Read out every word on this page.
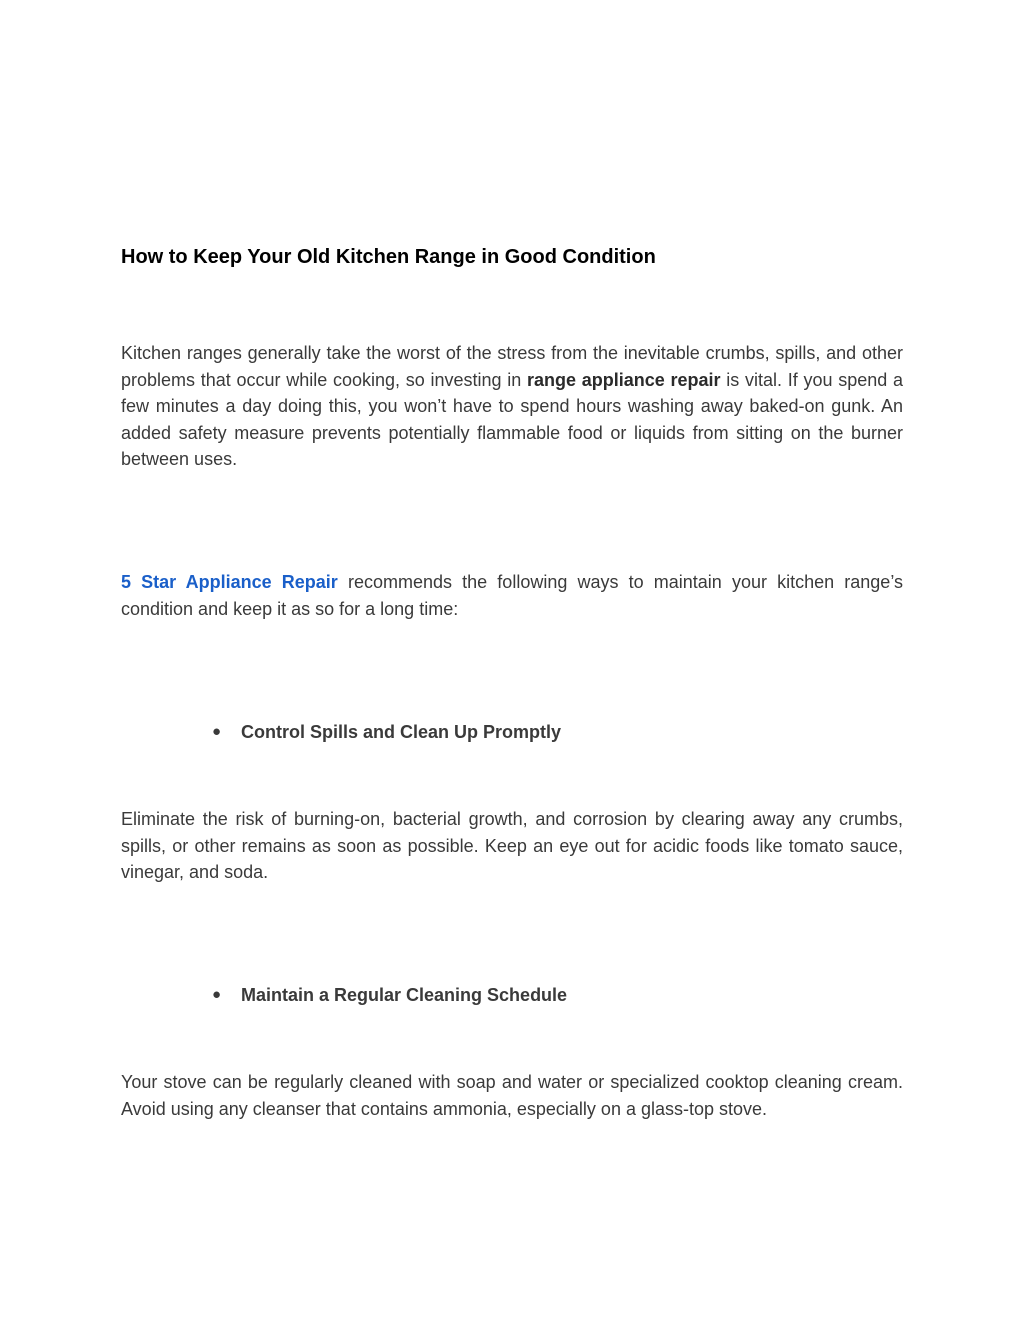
How to Keep Your Old Kitchen Range in Good Condition

Kitchen ranges generally take the worst of the stress from the inevitable crumbs, spills, and other problems that occur while cooking, so investing in range appliance repair is vital. If you spend a few minutes a day doing this, you won’t have to spend hours washing away baked-on gunk. An added safety measure prevents potentially flammable food or liquids from sitting on the burner between uses.

5 Star Appliance Repair recommends the following ways to maintain your kitchen range’s condition and keep it as so for a long time:

●	Control Spills and Clean Up Promptly

Eliminate the risk of burning-on, bacterial growth, and corrosion by clearing away any crumbs, spills, or other remains as soon as possible. Keep an eye out for acidic foods like tomato sauce, vinegar, and soda.

●	Maintain a Regular Cleaning Schedule

Your stove can be regularly cleaned with soap and water or specialized cooktop cleaning cream. Avoid using any cleanser that contains ammonia, especially on a glass-top stove.
